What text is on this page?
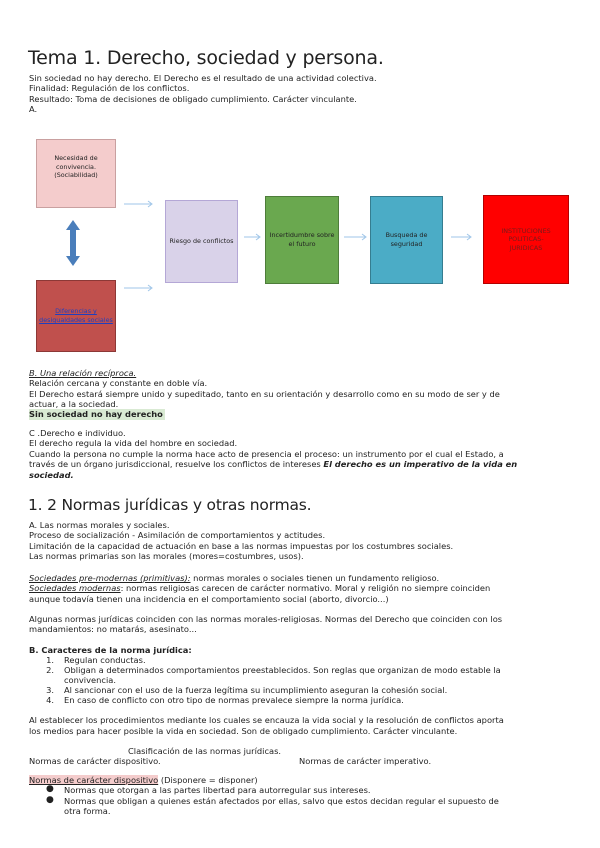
Tema 1. Derecho, sociedad y persona.
Sin sociedad no hay derecho. El Derecho es el resultado de una actividad colectiva.
Finalidad: Regulación de los conflictos.
Resultado: Toma de decisiones de obligado cumplimiento. Carácter vinculante.
A.
Necesidad de convivencia. (Sociabilidad)
Diferencias y desigualdades sociales
Riesgo de conflictos
Incertidumbre sobre el futuro
Busqueda de seguridad
INSTITUCIONES POLITICAS- JURIDICAS
B. Una relación recíproca.
Relación cercana y constante en doble vía.
El Derecho estará siempre unido y supeditado, tanto en su orientación y desarrollo como en su modo de ser y de
actuar, a la sociedad.
Sin sociedad no hay derecho
C .Derecho e individuo.
El derecho regula la vida del hombre en sociedad.
Cuando la persona no cumple la norma hace acto de presencia el proceso: un instrumento por el cual el Estado, a
través de un órgano jurisdiccional, resuelve los conflictos de intereses El derecho es un imperativo de la vida en
sociedad.
1. 2 Normas jurídicas y otras normas.
A. Las normas morales y sociales.
Proceso de socialización - Asimilación de comportamientos y actitudes.
Limitación de la capacidad de actuación en base a las normas impuestas por los costumbres sociales.
Las normas primarias son las morales (mores=costumbres, usos).
Sociedades pre-modernas (primitivas): normas morales o sociales tienen un fundamento religioso.
Sociedades modernas: normas religiosas carecen de carácter normativo. Moral y religión no siempre coinciden
aunque todavía tienen una incidencia en el comportamiento social (aborto, divorcio...)
Algunas normas jurídicas coinciden con las normas morales-religiosas. Normas del Derecho que coinciden con los
mandamientos: no matarás, asesinato...
B. Caracteres de la norma jurídica:
1. Regulan conductas.
2. Obligan a determinados comportamientos preestablecidos. Son reglas que organizan de modo estable la
convivencia.
3. Al sancionar con el uso de la fuerza legítima su incumplimiento aseguran la cohesión social.
4. En caso de conflicto con otro tipo de normas prevalece siempre la norma jurídica.
Al establecer los procedimientos mediante los cuales se encauza la vida social y la resolución de conflictos aporta
los medios para hacer posible la vida en sociedad. Son de obligado cumplimiento. Carácter vinculante.
Clasificación de las normas jurídicas.
Normas de carácter dispositivo.	Normas de carácter imperativo.
Normas de carácter dispositivo (Disponere = disponer)
● Normas que otorgan a las partes libertad para autorregular sus intereses.
● Normas que obligan a quienes están afectados por ellas, salvo que estos decidan regular el supuesto de
otra forma.
